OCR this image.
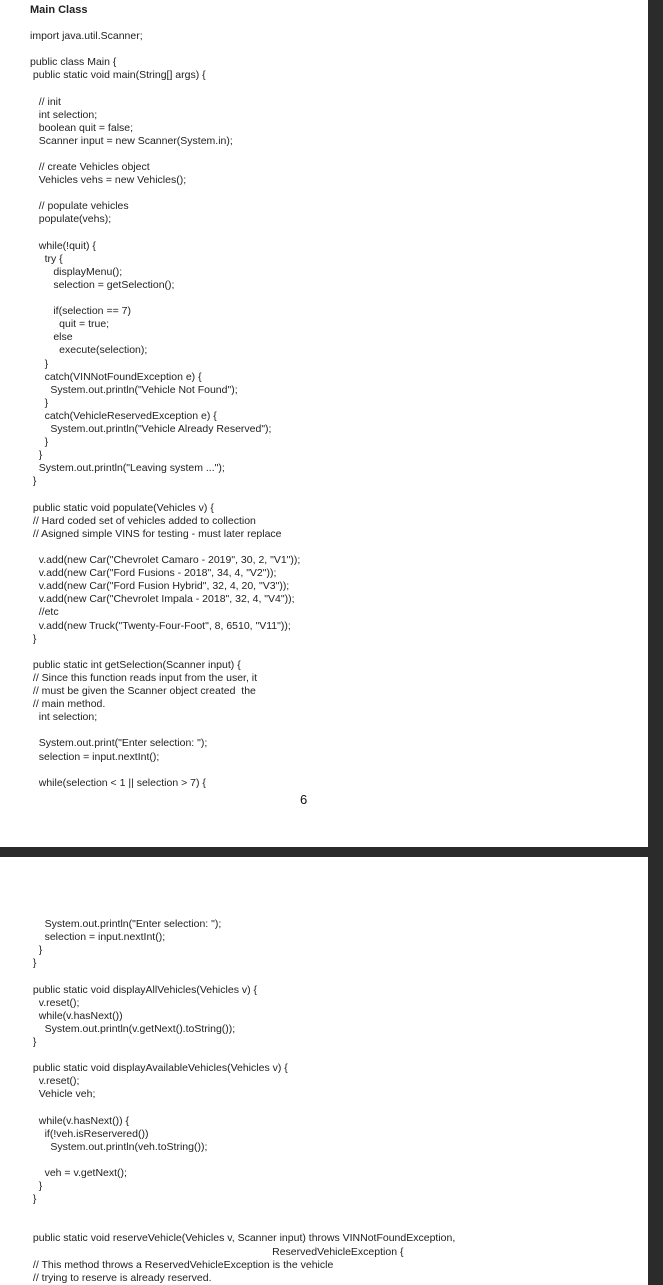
Main Class
import java.util.Scanner;
public class Main {
public static void main(String[] args) {
// init
int selection;
boolean quit = false;
Scanner input = new Scanner(System.in);
// create Vehicles object
Vehicles vehs = new Vehicles();
// populate vehicles
populate(vehs);
while(!quit) {
try {
displayMenu();
selection = getSelection();
if(selection == 7)
quit = true;
else
execute(selection);
}
catch(VINNotFoundException e) {
System.out.println("Vehicle Not Found");
}
catch(VehicleReservedException e) {
System.out.println("Vehicle Already Reserved");
}
}
System.out.println("Leaving system ...");
}
public static void populate(Vehicles v) {
// Hard coded set of vehicles added to collection
// Asigned simple VINS for testing - must later replace
v.add(new Car("Chevrolet Camaro - 2019", 30, 2, "V1"));
v.add(new Car("Ford Fusions - 2018", 34, 4, "V2"));
v.add(new Car("Ford Fusion Hybrid", 32, 4, 20, "V3"));
v.add(new Car("Chevrolet Impala - 2018", 32, 4, "V4"));
//etc
v.add(new Truck("Twenty-Four-Foot", 8, 6510, "V11"));
}
public static int getSelection(Scanner input) {
// Since this function reads input from the user, it
// must be given the Scanner object created  the
// main method.
int selection;
System.out.print("Enter selection: ");
selection = input.nextInt();
while(selection < 1 || selection > 7) {
6
System.out.println("Enter selection: ");
selection = input.nextInt();
}
}
public static void displayAllVehicles(Vehicles v) {
v.reset();
while(v.hasNext())
System.out.println(v.getNext().toString());
}
public static void displayAvailableVehicles(Vehicles v) {
v.reset();
Vehicle veh;
while(v.hasNext()) {
if(!veh.isReservered())
System.out.println(veh.toString());
veh = v.getNext();
}
}
public static void reserveVehicle(Vehicles v, Scanner input) throws VINNotFoundException,
ReservedVehicleException {
// This method throws a ReservedVehicleException is the vehicle
// trying to reserve is already reserved.
